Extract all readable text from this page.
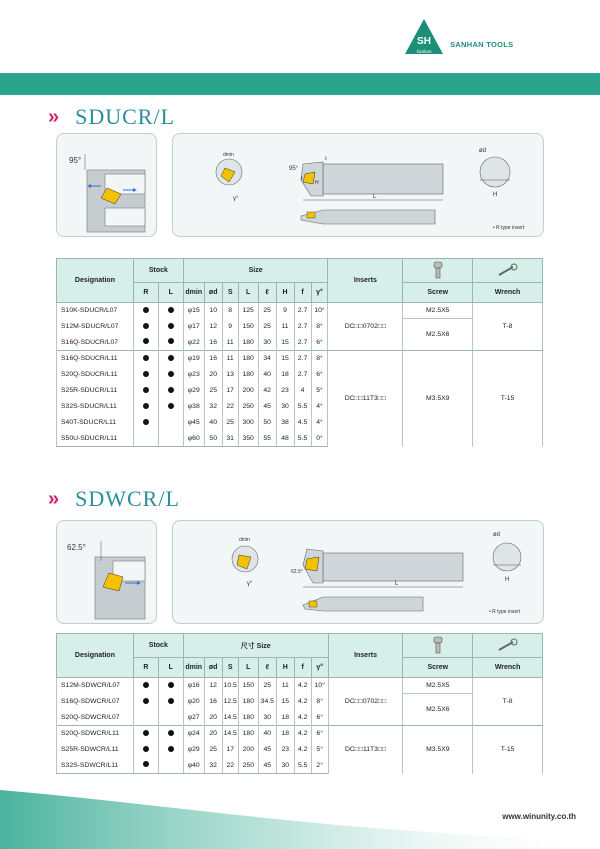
SH
Sanhan
SANHAN TOOLS
» SDUCR/L
95°
dmin
γ°
95°
f
H
L
ℓ
ød
H
• R type insert
Designation	Stock		Size								Inserts		
	R	L	dmin	ød	S	L	ℓ	H	f	γ°		Screw	Wrench
S10K-SDUCR/L07			φ15	10	8	125	25	9	2.7	10°	DC□□0702□□	M2.5X5	T-8
S12M-SDUCR/L07			φ17	12	9	150	25	11	2.7	8°		M2.5X6	
S16Q-SDUCR/L07			φ22	16	11	180	30	15	2.7	6°			
S16Q-SDUCR/L11			φ19	16	11	180	34	15	2.7	8°	DC□□11T3□□	M3.5X9	T-15
S20Q-SDUCR/L11			φ23	20	13	180	40	18	2.7	6°			
S25R-SDUCR/L11			φ29	25	17	200	42	23	4	5°			
S32S-SDUCR/L11			φ38	32	22	250	45	30	5.5	4°			
S40T-SDUCR/L11			φ45	40	25	300	50	38	4.5	4°			
S50U-SDUCR/L11			φ60	50	31	350	55	48	5.5	0°			
» SDWCR/L
62.5°
dmin
γ°
62.5°
L
ød
H
• R type insert
Designation	Stock		尺寸 Size								Inserts		
	R	L	dmin	ød	S	L	ℓ	H	f	γ°		Screw	Wrench
S12M-SDWCR/L07			φ16	12	10.5	150	25	11	4.2	10°	DC□□0702□□	M2.5X5	T-8
S16Q-SDWCR/L07			φ20	16	12.5	180	34.5	15	4.2	8°		M2.5X6	
S20Q-SDWCR/L07			φ27	20	14.5	180	30	18	4.2	6°			
S20Q-SDWCR/L11			φ24	20	14.5	180	40	18	4.2	6°	DC□□11T3□□	M3.5X9	T-15
S25R-SDWCR/L11			φ29	25	17	200	45	23	4.2	5°			
S32S-SDWCR/L11			φ40	32	22	250	45	30	5.5	2°			
www.winunity.co.th
